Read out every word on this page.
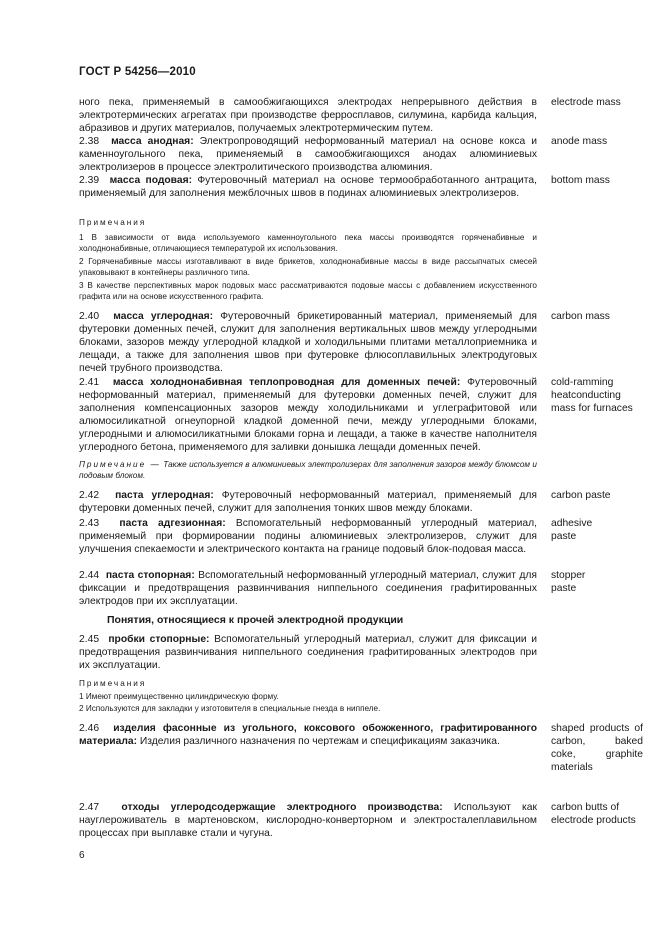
ГОСТ Р 54256—2010
ного пека, применяемый в самообжигающихся электродах непрерывного действия в электротермических агрегатах при производстве ферросплавов, силумина, карбида кальция, абразивов и других материалов, получаемых электротермическим путем.
electrode mass
2.38 масса анодная: Электропроводящий неформованный материал на основе кокса и каменноугольного пека, применяемый в самообжигающихся анодах алюминиевых электролизеров в процессе электролитического производства алюминия.
anode mass
2.39 масса подовая: Футеровочный материал на основе термообработанного антрацита, применяемый для заполнения межблочных швов в подинах алюминиевых электролизеров.
bottom mass
Примечания
1 В зависимости от вида используемого каменноугольного пека массы производятся горяченабивные и холоднонабивные, отличающиеся температурой их использования.
2 Горяченабивные массы изготавливают в виде брикетов, холоднонабивные массы в виде рассыпчатых смесей упаковывают в контейнеры различного типа.
3 В качестве перспективных марок подовых масс рассматриваются подовые массы с добавлением искусственного графита или на основе искусственного графита.
2.40 масса углеродная: Футеровочный брикетированный материал, применяемый для футеровки доменных печей, служит для заполнения вертикальных швов между углеродными блоками, зазоров между углеродной кладкой и холодильными плитами металлоприемника и лещади, а также для заполнения швов при футеровке флюсоплавильных электродуговых печей трубного производства.
carbon mass
2.41 масса холоднонабивная теплопроводная для доменных печей: Футеровочный неформованный материал, применяемый для футеровки доменных печей, служит для заполнения компенсационных зазоров между холодильниками и углеграфитовой или алюмосиликатной огнеупорной кладкой доменной печи, между углеродными блоками, углеродными и алюмосиликатными блоками горна и лещади, а также в качестве наполнителя углеродного бетона, применяемого для заливки донышка лещади доменных печей.
cold-ramming heatconducting mass for furnaces
Примечание — Также используется в алюминиевых электролизерах для заполнения зазоров между блюмсом и подовым блоком.
2.42 паста углеродная: Футеровочный неформованный материал, применяемый для футеровки доменных печей, служит для заполнения тонких швов между блоками.
carbon paste
2.43 паста адгезионная: Вспомогательный неформованный углеродный материал, применяемый при формировании подины алюминиевых электролизеров, служит для улучшения спекаемости и электрического контакта на границе подовый блок-подовая масса.
adhesive paste
2.44 паста стопорная: Вспомогательный неформованный углеродный материал, служит для фиксации и предотвращения развинчивания ниппельного соединения графитированных электродов при их эксплуатации.
stopper paste
Понятия, относящиеся к прочей электродной продукции
2.45 пробки стопорные: Вспомогательный углеродный материал, служит для фиксации и предотвращения развинчивания ниппельного соединения графитированных электродов при их эксплуатации.
Примечания
1 Имеют преимущественно цилиндрическую форму.
2 Используются для закладки у изготовителя в специальные гнезда в ниппеле.
2.46 изделия фасонные из угольного, коксового обожженного, графитированного материала: Изделия различного назначения по чертежам и спецификациям заказчика.
shaped products of carbon, baked coke, graphite materials
2.47 отходы углеродсодержащие электродного производства: Используют как науглероживатель в мартеновском, кислородно-конверторном и электросталеплавильном процессах при выплавке стали и чугуна.
carbon butts of electrode products
6
